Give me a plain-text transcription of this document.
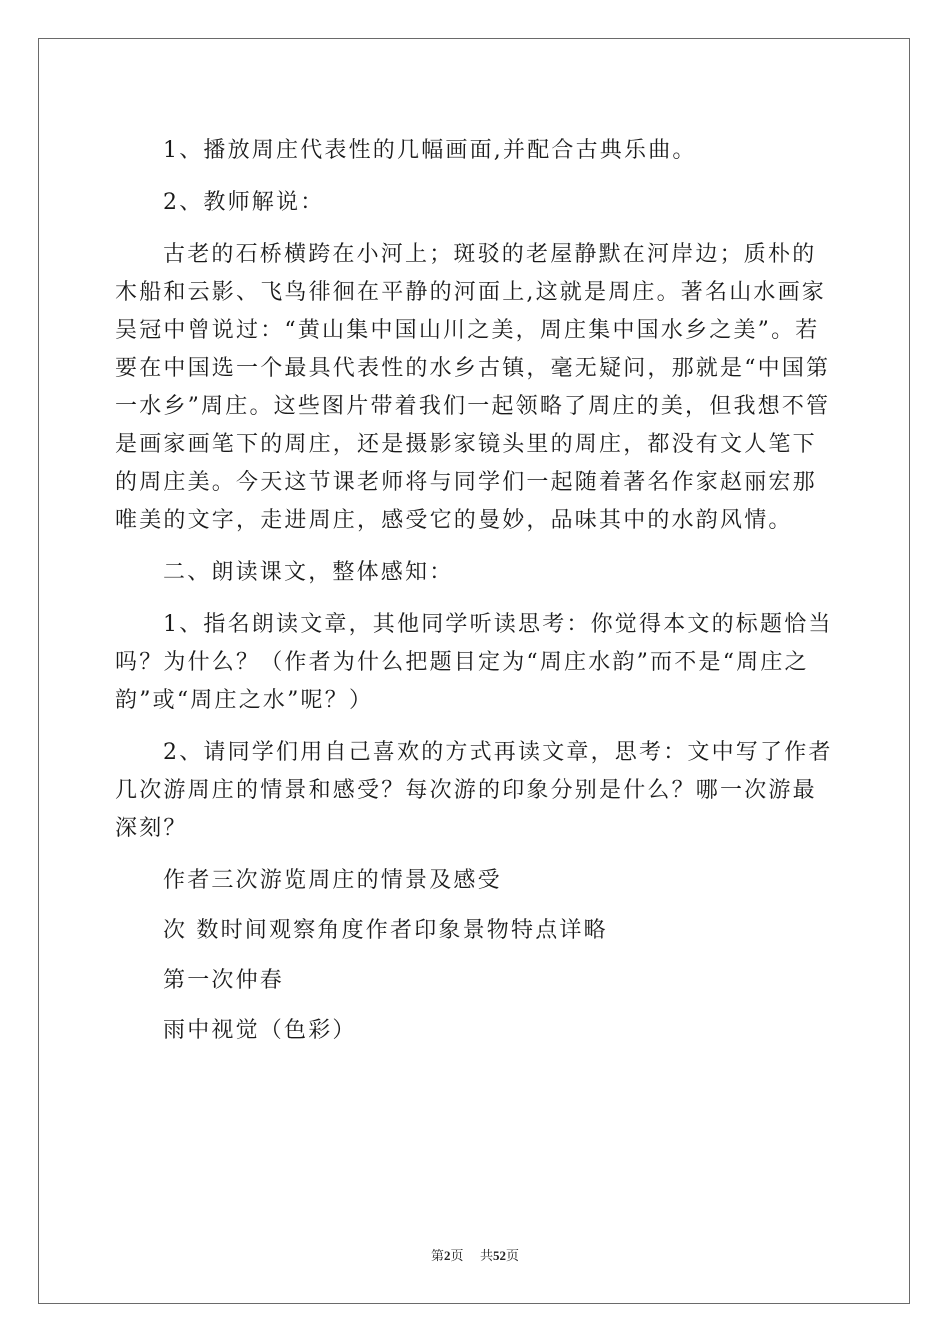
1、播放周庄代表性的几幅画面,并配合古典乐曲。

2、教师解说：

古老的石桥横跨在小河上；斑驳的老屋静默在河岸边；质朴的木船和云影、飞鸟徘徊在平静的河面上,这就是周庄。著名山水画家吴冠中曾说过：“黄山集中国山川之美，周庄集中国水乡之美”。若要在中国选一个最具代表性的水乡古镇，毫无疑问，那就是“中国第一水乡”周庄。这些图片带着我们一起领略了周庄的美，但我想不管是画家画笔下的周庄，还是摄影家镜头里的周庄，都没有文人笔下的周庄美。今天这节课老师将与同学们一起随着著名作家赵丽宏那唯美的文字，走进周庄，感受它的曼妙，品味其中的水韵风情。

二、朗读课文，整体感知：

1、指名朗读文章，其他同学听读思考：你觉得本文的标题恰当吗？为什么？（作者为什么把题目定为“周庄水韵”而不是“周庄之韵”或“周庄之水”呢？）

2、请同学们用自己喜欢的方式再读文章，思考：文中写了作者几次游周庄的情景和感受？每次游的印象分别是什么？哪一次游最深刻？

作者三次游览周庄的情景及感受

次 数时间观察角度作者印象景物特点详略

第一次仲春

雨中视觉（色彩）

第2页    共52页
